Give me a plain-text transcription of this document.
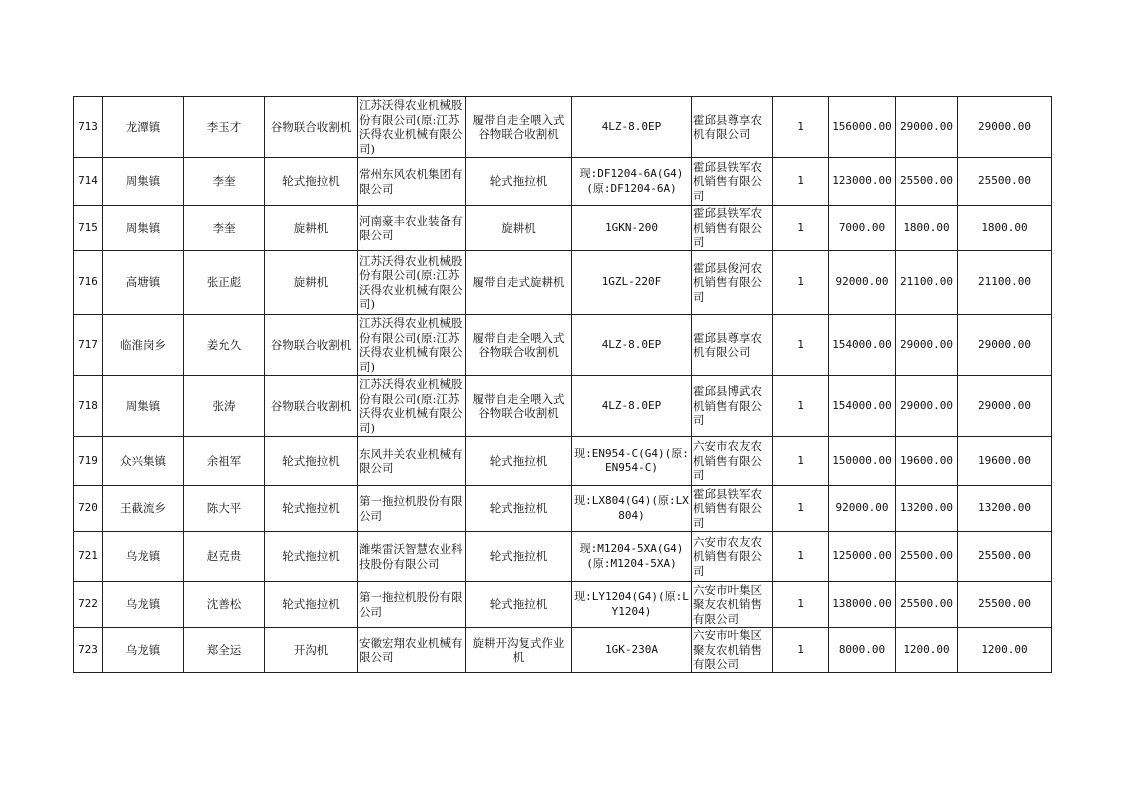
713	龙潭镇	李玉才	谷物联合收割机	江苏沃得农业机械股份有限公司(原:江苏沃得农业机械有限公司)	履带自走全喂入式谷物联合收割机	4LZ-8.0EP	霍邱县尊享农机有限公司	1	156000.00	29000.00	29000.00
714	周集镇	李奎	轮式拖拉机	常州东风农机集团有限公司	轮式拖拉机	现:DF1204-6A(G4)(原:DF1204-6A)	霍邱县铁军农机销售有限公司	1	123000.00	25500.00	25500.00
715	周集镇	李奎	旋耕机	河南豪丰农业装备有限公司	旋耕机	1GKN-200	霍邱县铁军农机销售有限公司	1	7000.00	1800.00	1800.00
716	高塘镇	张正彪	旋耕机	江苏沃得农业机械股份有限公司(原:江苏沃得农业机械有限公司)	履带自走式旋耕机	1GZL-220F	霍邱县俊河农机销售有限公司	1	92000.00	21100.00	21100.00
717	临淮岗乡	姜允久	谷物联合收割机	江苏沃得农业机械股份有限公司(原:江苏沃得农业机械有限公司)	履带自走全喂入式谷物联合收割机	4LZ-8.0EP	霍邱县尊享农机有限公司	1	154000.00	29000.00	29000.00
718	周集镇	张涛	谷物联合收割机	江苏沃得农业机械股份有限公司(原:江苏沃得农业机械有限公司)	履带自走全喂入式谷物联合收割机	4LZ-8.0EP	霍邱县博武农机销售有限公司	1	154000.00	29000.00	29000.00
719	众兴集镇	余祖军	轮式拖拉机	东风井关农业机械有限公司	轮式拖拉机	现:EN954-C(G4)(原:EN954-C)	六安市农友农机销售有限公司	1	150000.00	19600.00	19600.00
720	王截流乡	陈大平	轮式拖拉机	第一拖拉机股份有限公司	轮式拖拉机	现:LX804(G4)(原:LX804)	霍邱县铁军农机销售有限公司	1	92000.00	13200.00	13200.00
721	乌龙镇	赵克贵	轮式拖拉机	潍柴雷沃智慧农业科技股份有限公司	轮式拖拉机	现:M1204-5XA(G4)(原:M1204-5XA)	六安市农友农机销售有限公司	1	125000.00	25500.00	25500.00
722	乌龙镇	沈善松	轮式拖拉机	第一拖拉机股份有限公司	轮式拖拉机	现:LY1204(G4)(原:LY1204)	六安市叶集区聚友农机销售有限公司	1	138000.00	25500.00	25500.00
723	乌龙镇	郑全运	开沟机	安徽宏翔农业机械有限公司	旋耕开沟复式作业机	1GK-230A	六安市叶集区聚友农机销售有限公司	1	8000.00	1200.00	1200.00
